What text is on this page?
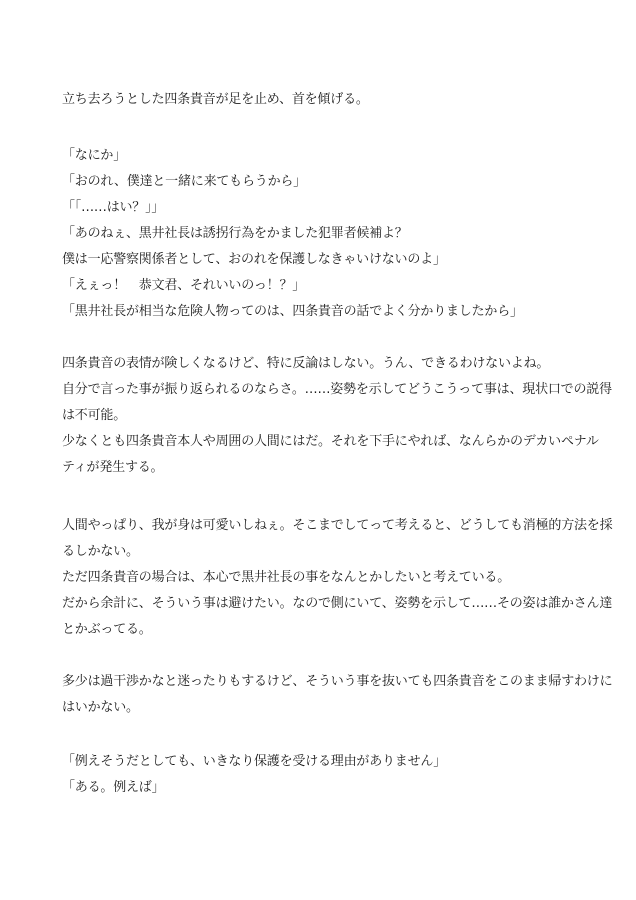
立ち去ろうとした四条貴音が足を止め、首を傾げる。
「なにか」
「おのれ、僕達と一緒に来てもらうから」
「「……はい？」」
「あのねぇ、黒井社長は誘拐行為をかました犯罪者候補よ？
僕は一応警察関係者として、おのれを保護しなきゃいけないのよ」
「えぇっ！　恭文君、それいいのっ！？」
「黒井社長が相当な危険人物ってのは、四条貴音の話でよく分かりましたから」
四条貴音の表情が険しくなるけど、特に反論はしない。うん、できるわけないよね。
自分で言った事が振り返られるのならさ。……姿勢を示してどうこうって事は、現状口での説得
は不可能。
少なくとも四条貴音本人や周囲の人間にはだ。それを下手にやれば、なんらかのデカいペナル
ティが発生する。
人間やっぱり、我が身は可愛いしねぇ。そこまでしてって考えると、どうしても消極的方法を採
るしかない。
ただ四条貴音の場合は、本心で黒井社長の事をなんとかしたいと考えている。
だから余計に、そういう事は避けたい。なので側にいて、姿勢を示して……その姿は誰かさん達
とかぶってる。
多少は過干渉かなと迷ったりもするけど、そういう事を抜いても四条貴音をこのまま帰すわけに
はいかない。
「例えそうだとしても、いきなり保護を受ける理由がありません」
「ある。例えば」
